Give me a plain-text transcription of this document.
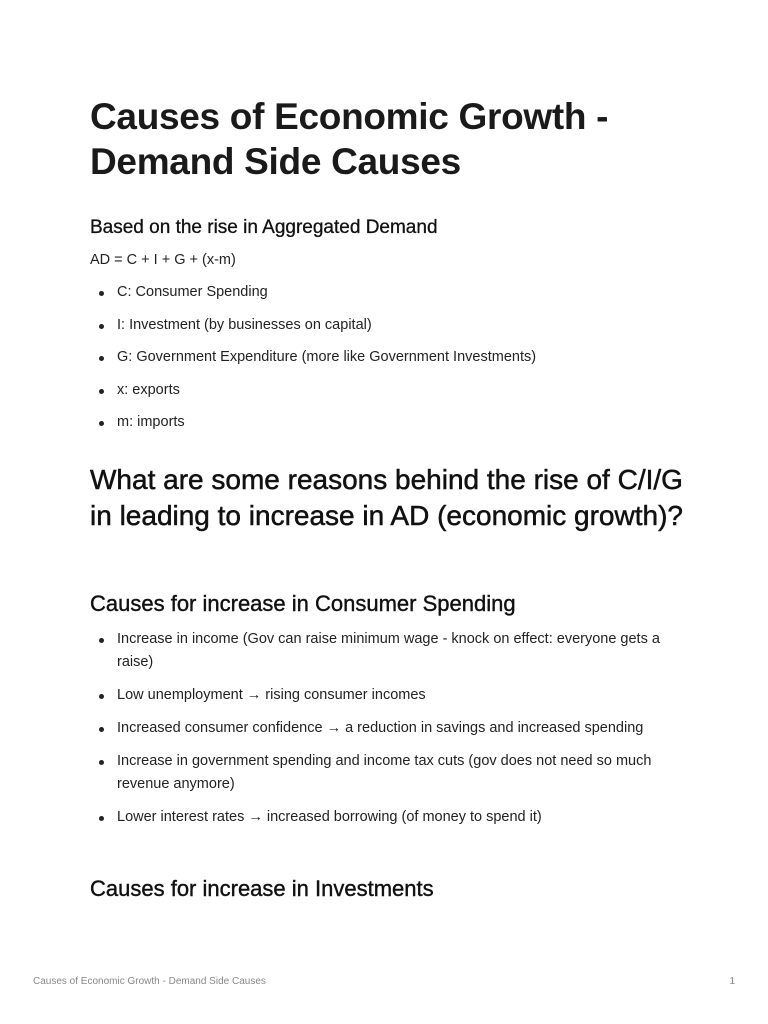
Causes of Economic Growth - Demand Side Causes
Based on the rise in Aggregated Demand
AD = C + I + G + (x-m)
C: Consumer Spending
I: Investment (by businesses on capital)
G: Government Expenditure (more like Government Investments)
x: exports
m: imports
What are some reasons behind the rise of C/I/G in leading to increase in AD (economic growth)?
Causes for increase in Consumer Spending
Increase in income (Gov can raise minimum wage - knock on effect: everyone gets a raise)
Low unemployment → rising consumer incomes
Increased consumer confidence → a reduction in savings and increased spending
Increase in government spending and income tax cuts (gov does not need so much revenue anymore)
Lower interest rates → increased borrowing (of money to spend it)
Causes for increase in Investments
Causes of Economic Growth - Demand Side Causes	1
